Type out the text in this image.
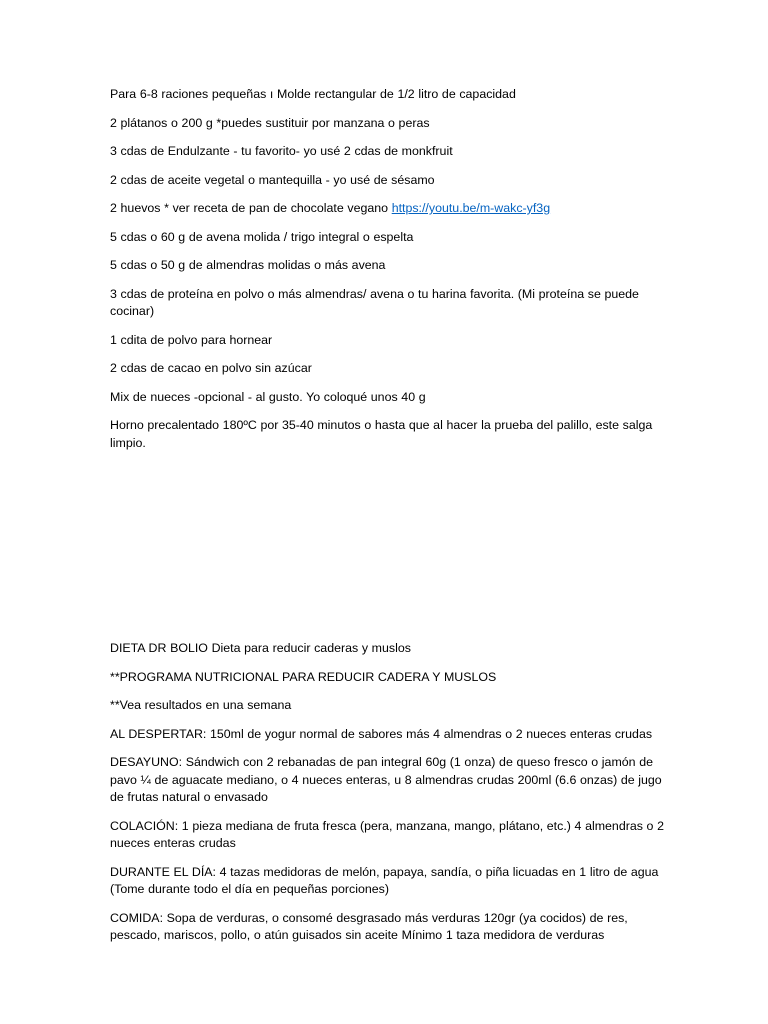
Para 6-8 raciones pequeñas ı Molde rectangular de 1/2 litro de capacidad

2 plátanos o 200 g *puedes sustituir por manzana o peras

3 cdas de Endulzante - tu favorito- yo usé 2 cdas de monkfruit

2 cdas de aceite vegetal o mantequilla - yo usé de sésamo

2 huevos * ver receta de pan de chocolate vegano https://youtu.be/m-wakc-yf3g

5 cdas o 60 g de avena molida / trigo integral o espelta

5 cdas o 50 g de almendras molidas o más avena

3 cdas de proteína en polvo o más almendras/ avena o tu harina favorita. (Mi proteína se puede cocinar)

1 cdita de polvo para hornear

2 cdas de cacao en polvo sin azúcar

Mix de nueces -opcional - al gusto. Yo coloqué unos 40 g

Horno precalentado 180ºC por 35-40 minutos o hasta que al hacer la prueba del palillo, este salga limpio.

DIETA DR BOLIO Dieta para reducir caderas y muslos

**PROGRAMA NUTRICIONAL PARA REDUCIR CADERA Y MUSLOS

**Vea resultados en una semana

AL DESPERTAR: 150ml de yogur normal de sabores más 4 almendras o 2 nueces enteras crudas

DESAYUNO: Sándwich con 2 rebanadas de pan integral 60g (1 onza) de queso fresco o jamón de pavo ¼ de aguacate mediano, o 4 nueces enteras, u 8 almendras crudas 200ml (6.6 onzas) de jugo de frutas natural o envasado

COLACIÓN: 1 pieza mediana de fruta fresca (pera, manzana, mango, plátano, etc.) 4 almendras o 2 nueces enteras crudas

DURANTE EL DÍA: 4 tazas medidoras de melón, papaya, sandía, o piña licuadas en 1 litro de agua (Tome durante todo el día en pequeñas porciones)

COMIDA: Sopa de verduras, o consomé desgrasado más verduras 120gr (ya cocidos) de res, pescado, mariscos, pollo, o atún guisados sin aceite Mínimo 1 taza medidora de verduras
